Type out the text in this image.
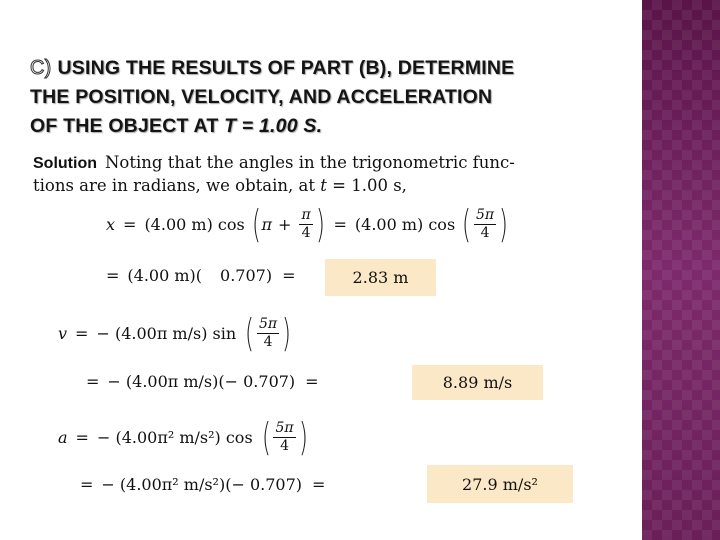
C) USING THE RESULTS OF PART (B), DETERMINE
THE POSITION, VELOCITY, AND ACCELERATION
OF THE OBJECT AT T = 1.00 S.
Solution Noting that the angles in the trigonometric func-
tions are in radians, we obtain, at t = 1.00 s,
x = (4.00 m) cos ( $\pi + \frac{\pi}{4}$ ) = (4.00 m) cos ( $\frac{5\pi}{4}$ )
= (4.00 m)( 0.707) =	2.83 m
v = − (4.00π m/s) sin ( $\frac{5\pi}{4}$ )
= − (4.00π m/s)(− 0.707) =	8.89 m/s
a = − (4.00π² m/s²) cos ( $\frac{5\pi}{4}$ )
= − (4.00π² m/s²)(− 0.707) =	27.9 m/s²
